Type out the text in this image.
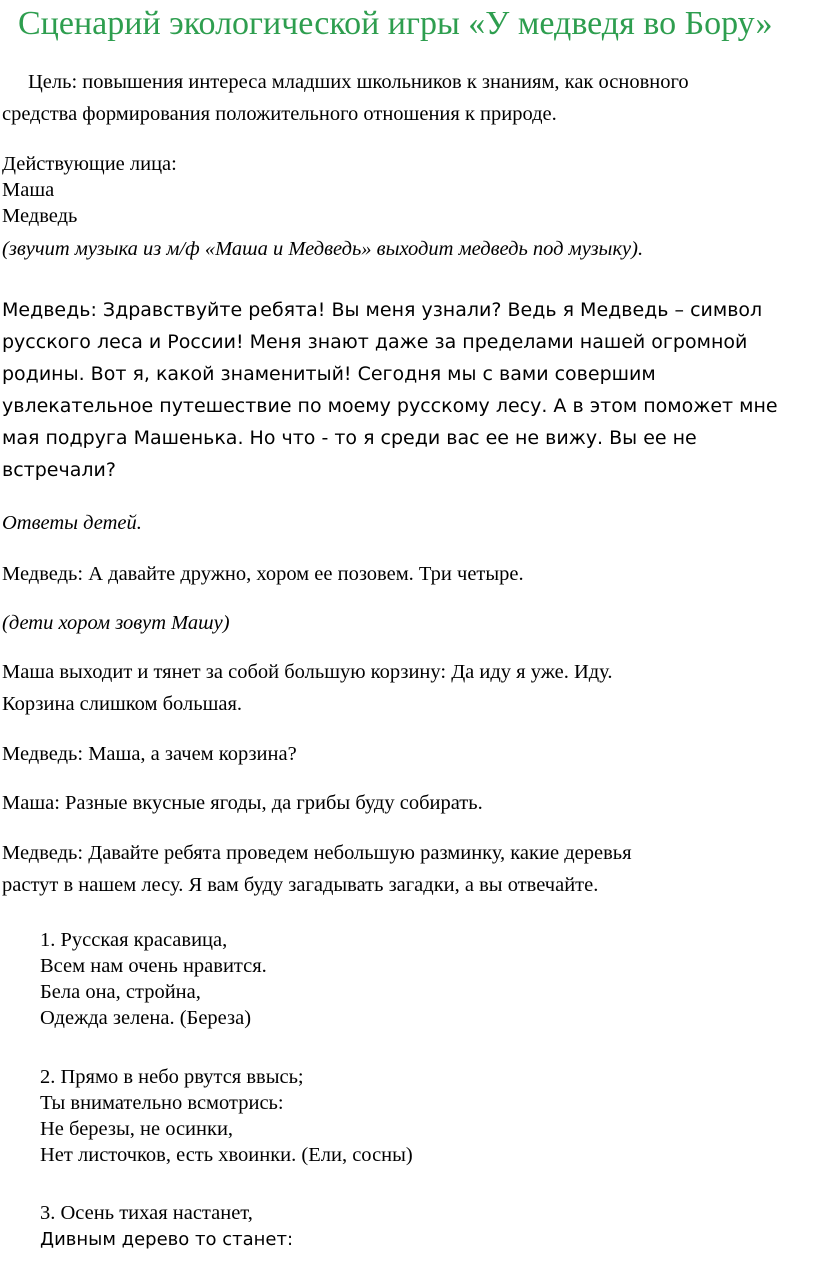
Сценарий экологической игры «У медведя во Бору»
Цель: повышения интереса младших школьников к знаниям, как основного
средства формирования положительного отношения к природе.
Действующие лица:
Маша
Медведь
(звучит музыка из м/ф «Маша и Медведь» выходит медведь под музыку).
Медведь: Здравствуйте ребята! Вы меня узнали? Ведь я Медведь – символ
русского леса и России! Меня знают даже за пределами нашей огромной
родины. Вот я, какой знаменитый! Сегодня мы с вами совершим
увлекательное путешествие по моему русскому лесу. А в этом поможет мне
мая подруга Машенька. Но что - то я среди вас ее не вижу. Вы ее не
встречали?
Ответы детей.
Медведь: А давайте дружно, хором ее позовем. Три четыре.
(дети хором зовут Машу)
Маша выходит и тянет за собой большую корзину: Да иду я уже. Иду.
Корзина слишком большая.
Медведь: Маша, а зачем корзина?
Маша: Разные вкусные ягоды, да грибы буду собирать.
Медведь: Давайте ребята проведем небольшую разминку, какие деревья
растут в нашем лесу. Я вам буду загадывать загадки, а вы отвечайте.
1. Русская красавица,
Всем нам очень нравится.
Бела она, стройна,
Одежда зелена. (Береза)
2. Прямо в небо рвутся ввысь;
Ты внимательно всмотрись:
Не березы, не осинки,
Нет листочков, есть хвоинки. (Ели, сосны)
3. Осень тихая настанет,
Дивным дерево то станет:
